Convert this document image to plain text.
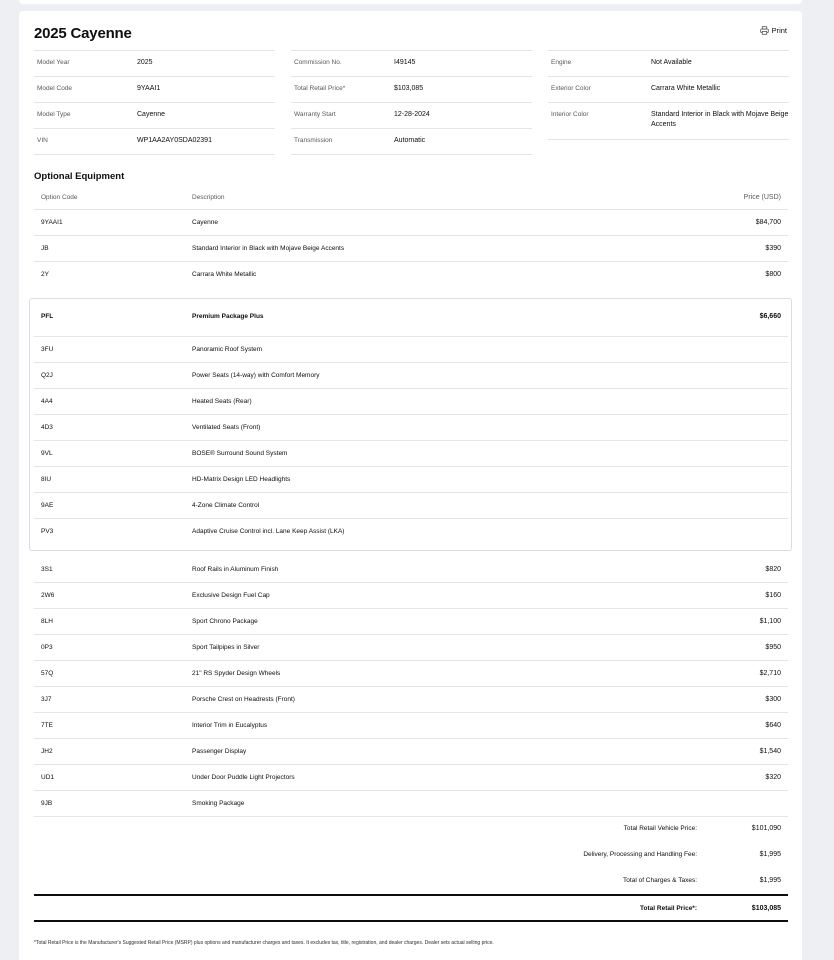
2025 Cayenne	Print
Model Year	2025
Model Code	9YAAI1
Model Type	Cayenne
VIN	WP1AA2AY0SDA02391
Commission No.	I49145
Total Retail Price*	$103,085
Warranty Start	12-28-2024
Transmission	Automatic
Engine	Not Available
Exterior Color	Carrara White Metallic
Interior Color	Standard Interior in Black with Mojave Beige Accents
Optional Equipment
Option Code	Description	Price (USD)
9YAAI1	Cayenne	$84,700
JB	Standard Interior in Black with Mojave Beige Accents	$390
2Y	Carrara White Metallic	$800
PFL	Premium Package Plus	$6,660
3FU	Panoramic Roof System
Q2J	Power Seats (14-way) with Comfort Memory
4A4	Heated Seats (Rear)
4D3	Ventilated Seats (Front)
9VL	BOSE® Surround Sound System
8IU	HD-Matrix Design LED Headlights
9AE	4-Zone Climate Control
PV3	Adaptive Cruise Control incl. Lane Keep Assist (LKA)
3S1	Roof Rails in Aluminum Finish	$820
2W6	Exclusive Design Fuel Cap	$160
8LH	Sport Chrono Package	$1,100
0P3	Sport Tailpipes in Silver	$950
57Q	21" RS Spyder Design Wheels	$2,710
3J7	Porsche Crest on Headrests (Front)	$300
7TE	Interior Trim in Eucalyptus	$640
JH2	Passenger Display	$1,540
UD1	Under Door Puddle Light Projectors	$320
9JB	Smoking Package
Total Retail Vehicle Price:	$101,090
Delivery, Processing and Handling Fee:	$1,995
Total of Charges & Taxes:	$1,995
Total Retail Price*:	$103,085
*Total Retail Price is the Manufacturer's Suggested Retail Price (MSRP) plus options and manufacturer charges and taxes. It excludes tax, title, registration, and dealer charges. Dealer sets actual selling price.
